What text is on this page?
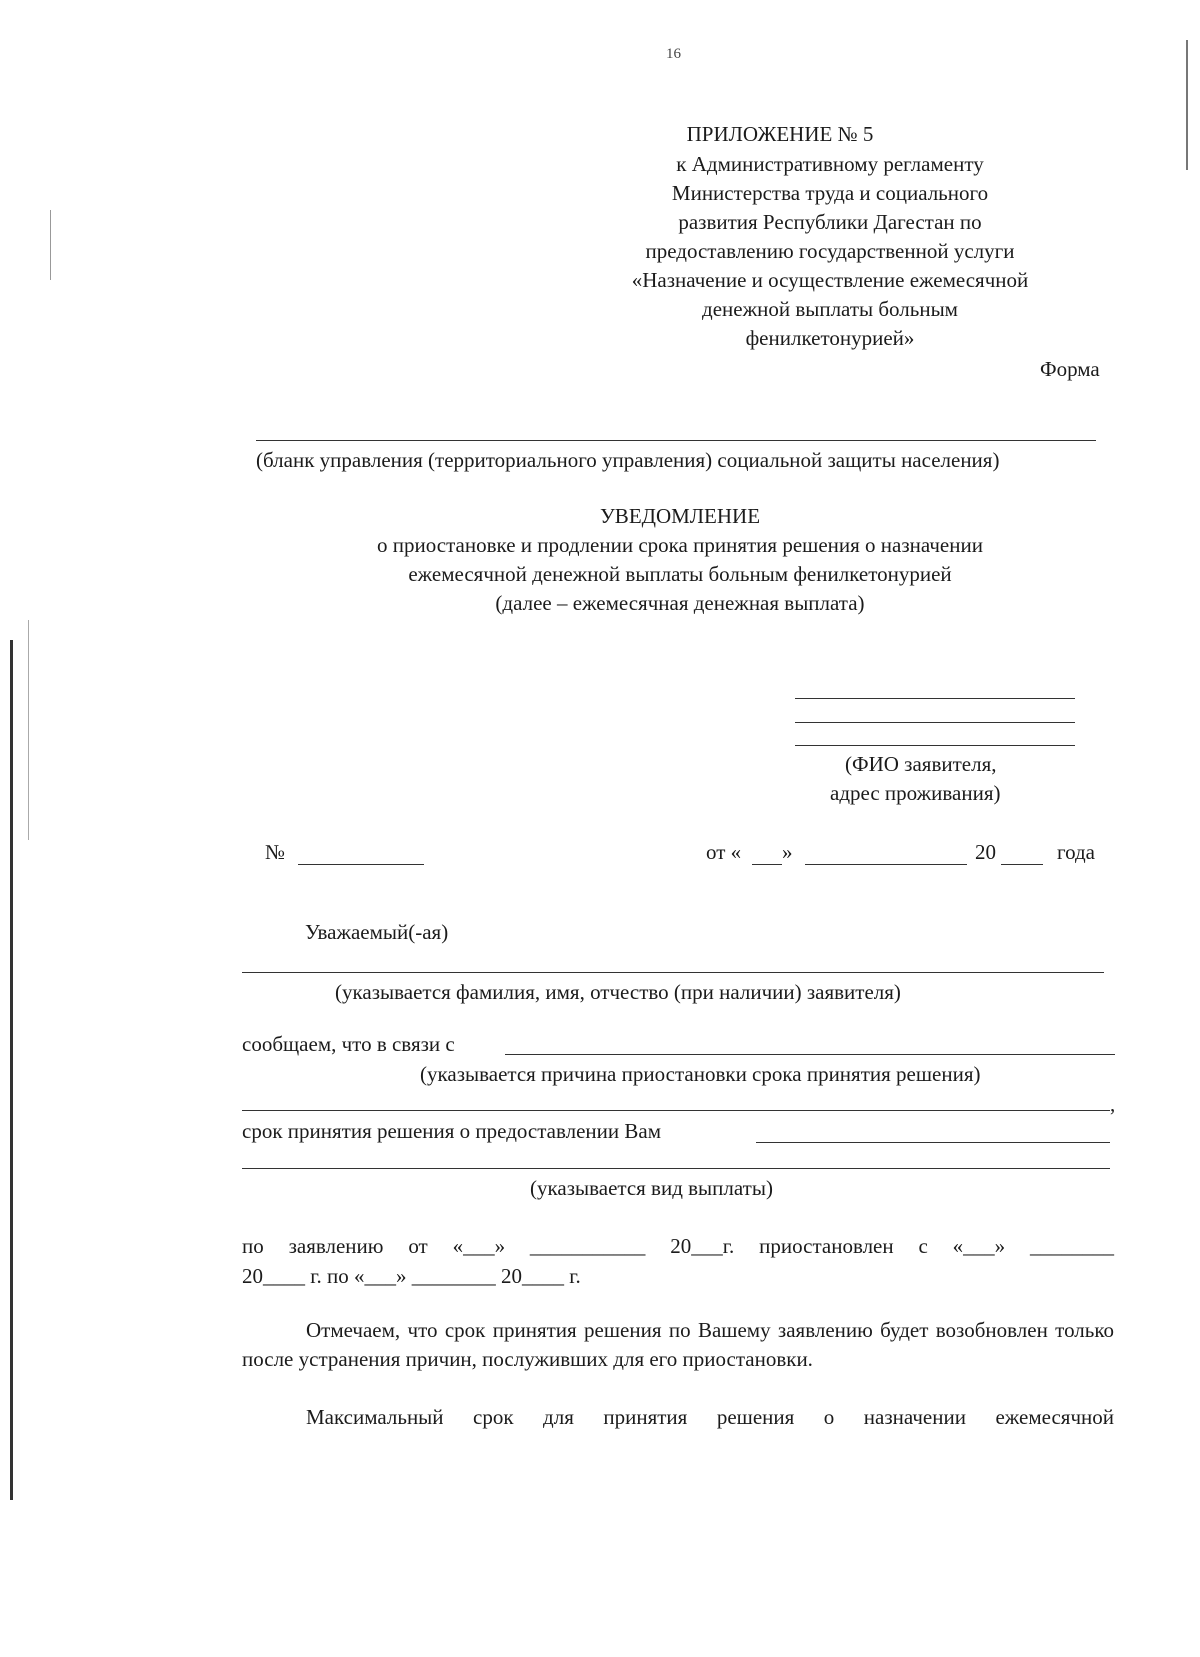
16
ПРИЛОЖЕНИЕ № 5
к Административному регламенту
Министерства труда и социального
развития Республики Дагестан по
предоставлению государственной услуги
«Назначение и осуществление ежемесячной
денежной выплаты больным
фенилкетонурией»
Форма
(бланк управления (территориального управления) социальной защиты населения)
УВЕДОМЛЕНИЕ
о приостановке и продлении срока принятия решения о назначении
ежемесячной денежной выплаты больным фенилкетонурией
(далее – ежемесячная денежная выплата)
(ФИО заявителя,
адрес проживания)
№	от « »	20	года
Уважаемый(-ая)
(указывается фамилия, имя, отчество (при наличии) заявителя)
сообщаем, что в связи с
(указывается причина приостановки срока принятия решения)
,
срок принятия решения о предоставлении Вам
(указывается вид выплаты)
по заявлению от «___» ___________ 20___г. приостановлен с «___» ________
20____ г. по «___» ________ 20____ г.
Отмечаем, что срок принятия решения по Вашему заявлению будет возобновлен только после устранения причин, послуживших для его приостановки.
Максимальный срок для принятия решения о назначении ежемесячной
